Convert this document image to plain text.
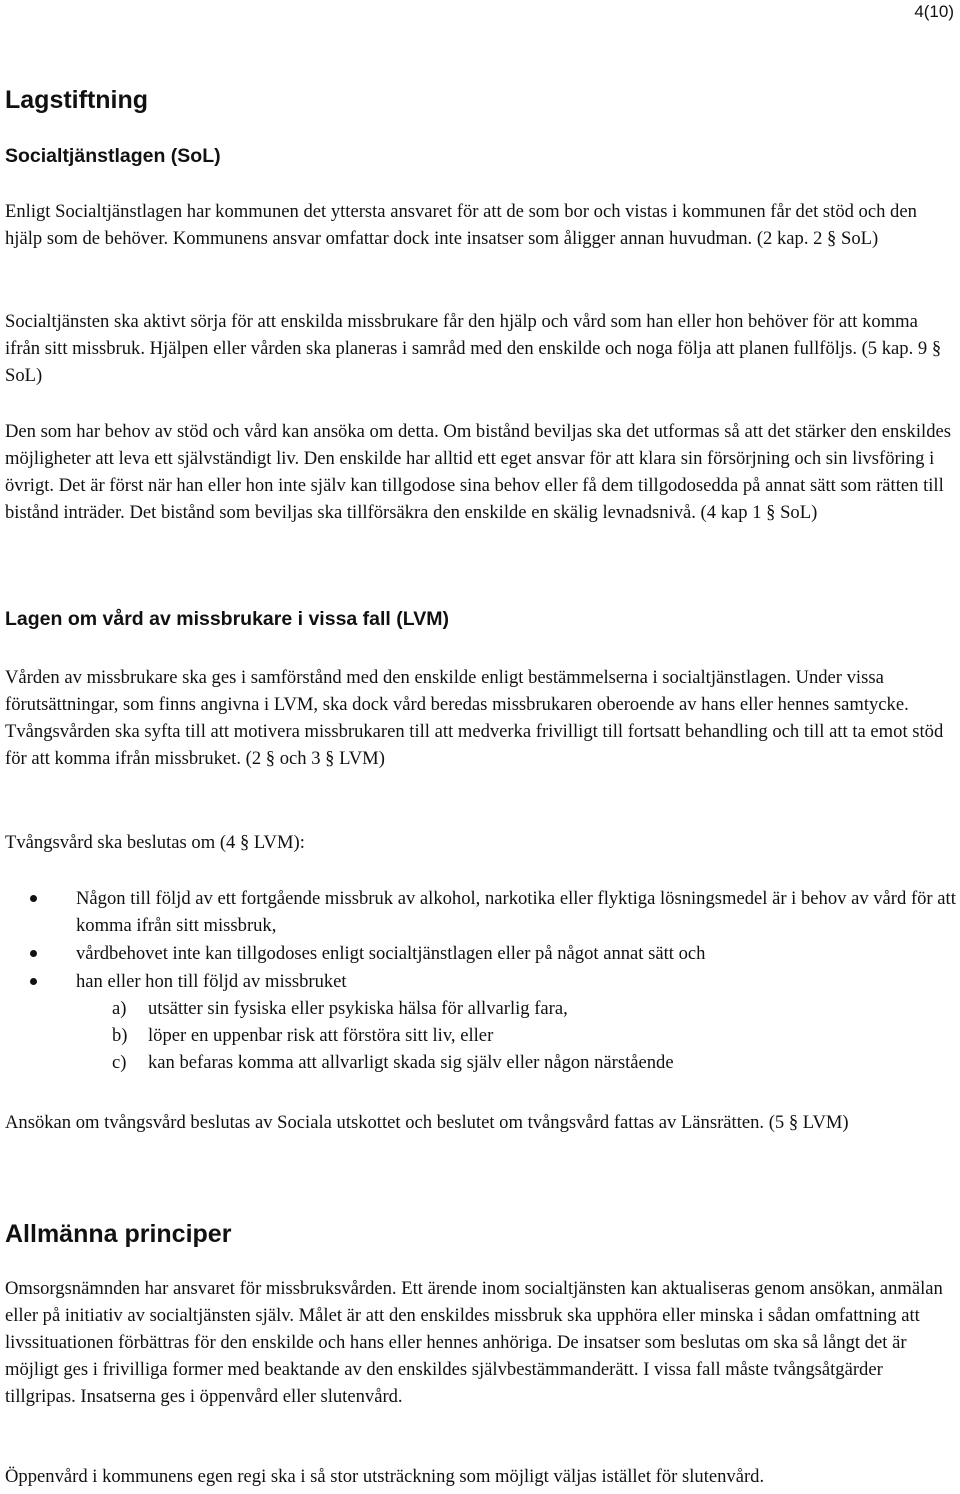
4(10)
Lagstiftning
Socialtjänstlagen (SoL)

Enligt Socialtjänstlagen har kommunen det yttersta ansvaret för att de som bor och vistas i kommunen får det stöd och den hjälp som de behöver. Kommunens ansvar omfattar dock inte insatser som åligger annan huvudman. (2 kap. 2 § SoL)

Socialtjänsten ska aktivt sörja för att enskilda missbrukare får den hjälp och vård som han eller hon behöver för att komma ifrån sitt missbruk. Hjälpen eller vården ska planeras i samråd med den enskilde och noga följa att planen fullföljs. (5 kap. 9 § SoL)

Den som har behov av stöd och vård kan ansöka om detta. Om bistånd beviljas ska det utformas så att det stärker den enskildes möjligheter att leva ett självständigt liv. Den enskilde har alltid ett eget ansvar för att klara sin försörjning och sin livsföring i övrigt. Det är först när han eller hon inte själv kan tillgodose sina behov eller få dem tillgodosedda på annat sätt som rätten till bistånd inträder. Det bistånd som beviljas ska tillförsäkra den enskilde en skälig levnadsnivå. (4 kap 1 § SoL)

Lagen om vård av missbrukare i vissa fall (LVM)

Vården av missbrukare ska ges i samförstånd med den enskilde enligt bestämmelserna i socialtjänstlagen. Under vissa förutsättningar, som finns angivna i LVM, ska dock vård beredas missbrukaren oberoende av hans eller hennes samtycke. Tvångsvården ska syfta till att motivera missbrukaren till att medverka frivilligt till fortsatt behandling och till att ta emot stöd för att komma ifrån missbruket. (2 § och 3 § LVM)

Tvångsvård ska beslutas om (4 § LVM):

Någon till följd av ett fortgående missbruk av alkohol, narkotika eller flyktiga lösningsmedel är i behov av vård för att komma ifrån sitt missbruk,
vårdbehovet inte kan tillgodoses enligt socialtjänstlagen eller på något annat sätt och
han eller hon till följd av missbruket
a) utsätter sin fysiska eller psykiska hälsa för allvarlig fara,
b) löper en uppenbar risk att förstöra sitt liv, eller
c) kan befaras komma att allvarligt skada sig själv eller någon närstående

Ansökan om tvångsvård beslutas av Sociala utskottet och beslutet om tvångsvård fattas av Länsrätten. (5 § LVM)

Allmänna principer

Omsorgsnämnden har ansvaret för missbruksvården. Ett ärende inom socialtjänsten kan aktualiseras genom ansökan, anmälan eller på initiativ av socialtjänsten själv. Målet är att den enskildes missbruk ska upphöra eller minska i sådan omfattning att livssituationen förbättras för den enskilde och hans eller hennes anhöriga. De insatser som beslutas om ska så långt det är möjligt ges i frivilliga former med beaktande av den enskildes självbestämmanderätt. I vissa fall måste tvångsåtgärder tillgripas. Insatserna ges i öppenvård eller slutenvård.

Öppenvård i kommunens egen regi ska i så stor utsträckning som möjligt väljas istället för slutenvård.
